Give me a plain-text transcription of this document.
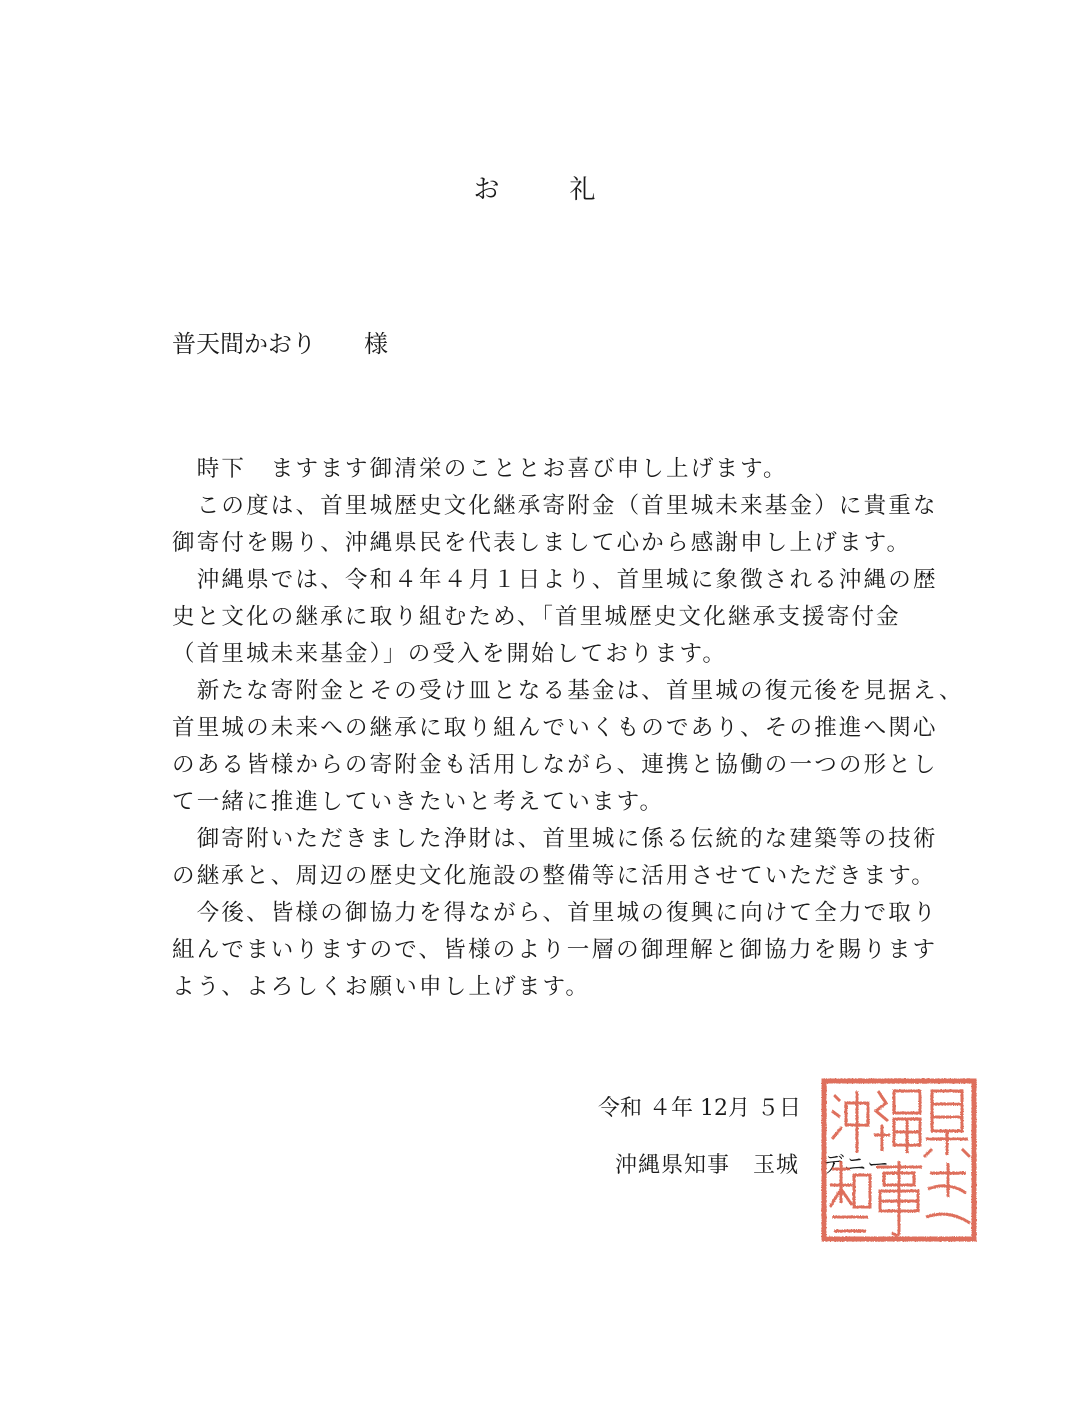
お　礼
普天間かおり　　様
　時下　ますます御清栄のこととお喜び申し上げます。
　この度は、首里城歴史文化継承寄附金（首里城未来基金）に貴重な
御寄付を賜り、沖縄県民を代表しまして心から感謝申し上げます。
　沖縄県では、令和４年４月１日より、首里城に象徴される沖縄の歴
史と文化の継承に取り組むため、「首里城歴史文化継承支援寄付金
（首里城未来基金）」の受入を開始しております。
　新たな寄附金とその受け皿となる基金は、首里城の復元後を見据え、
首里城の未来への継承に取り組んでいくものであり、その推進へ関心
のある皆様からの寄附金も活用しながら、連携と協働の一つの形とし
て一緒に推進していきたいと考えています。
　御寄附いただきました浄財は、首里城に係る伝統的な建築等の技術
の継承と、周辺の歴史文化施設の整備等に活用させていただきます。
　今後、皆様の御協力を得ながら、首里城の復興に向けて全力で取り
組んでまいりますので、皆様のより一層の御理解と御協力を賜ります
よう、よろしくお願い申し上げます。
令和 ４年 12月 ５日
沖縄県知事　玉城　デニー
